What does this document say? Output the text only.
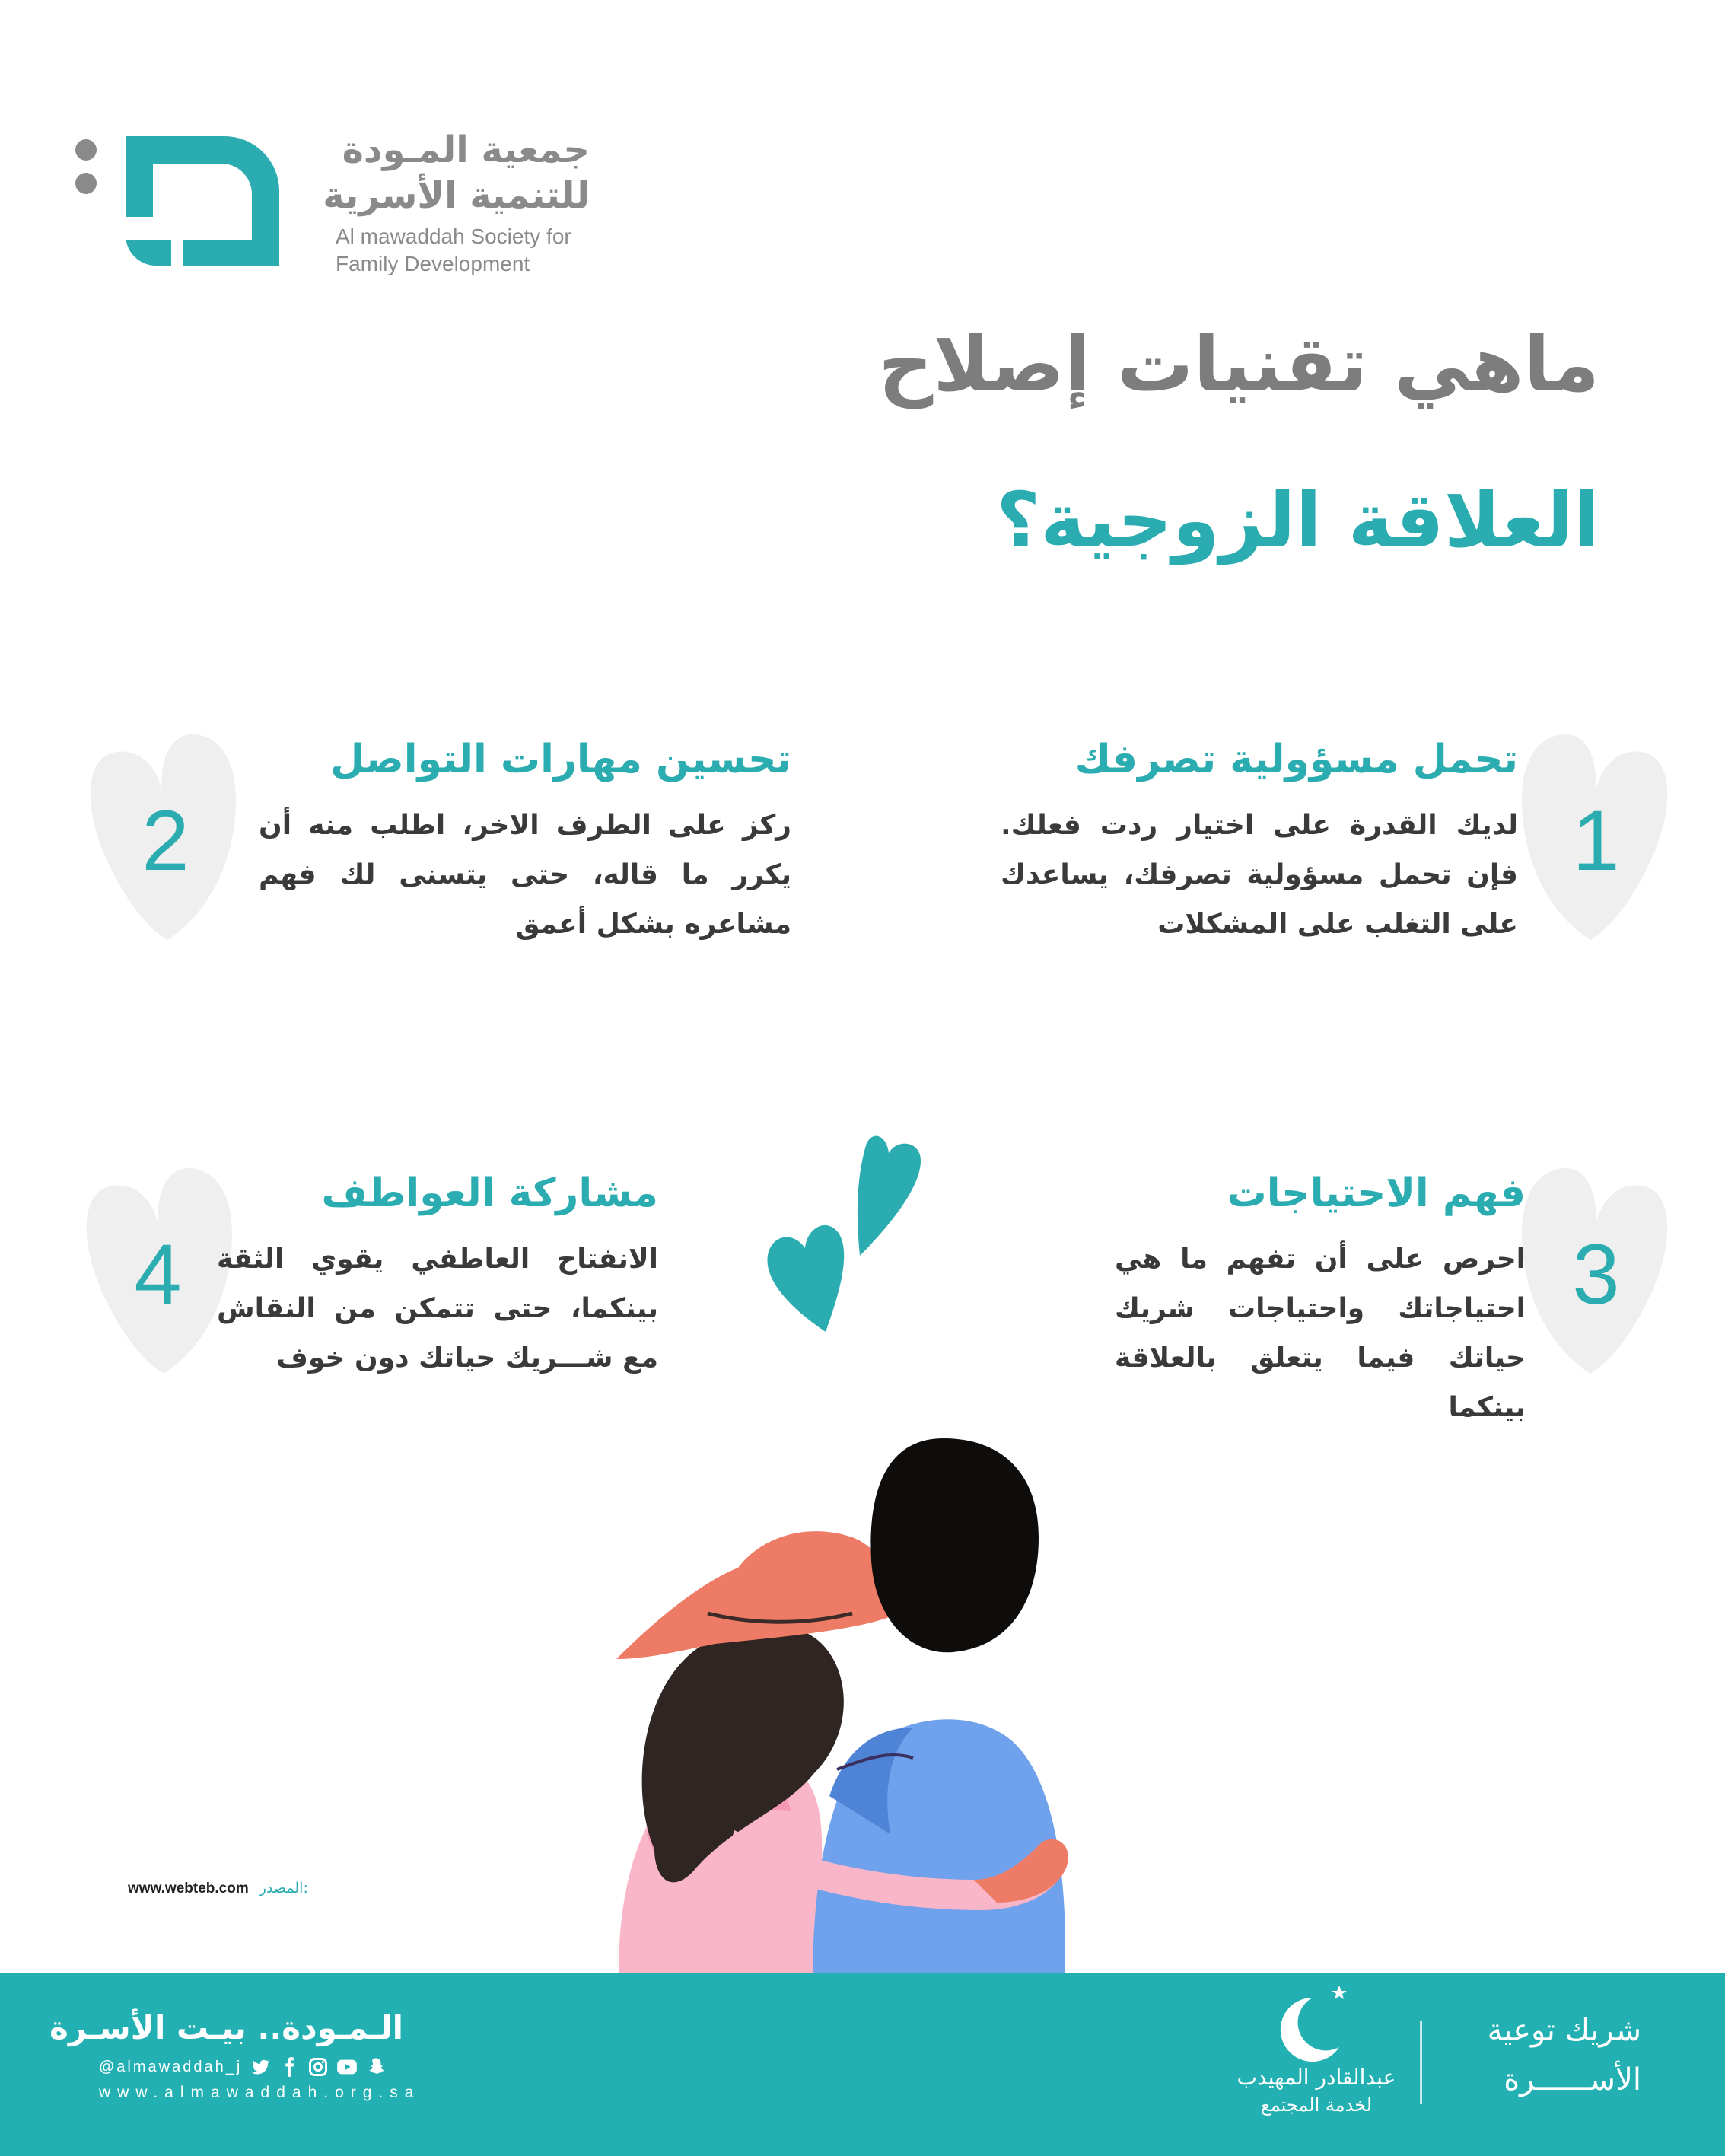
جمعية المـودة
للتنمية الأسرية
Al mawaddah Society for
Family Development
ماهي تقنيات إصلاح
العلاقة الزوجية؟
1
تحمل مسؤولية تصرفك
لديك القدرة على اختيار ردت فعلك. فإن تحمل مسؤولية تصرفك، يساعدك على التغلب على المشكلات
2
تحسين مهارات التواصل
ركز على الطرف الاخر، اطلب منه أن يكرر ما قاله، حتى يتسنى لك فهم مشاعره بشكل أعمق
3
فهم الاحتياجات
احرص على أن تفهم ما هي احتياجاتك واحتياجات شريك حياتك فيما يتعلق بالعلاقة بينكما
4
مشاركة العواطف
الانفتاح العاطفي يقوي الثقة بينكما، حتى تتمكن من النقاش مع شـــريك حياتك دون خوف
www.webteb.com المصدر:
الـمـودة.. بيـت الأسـرة
@almawaddah_j
www.almawaddah.org.sa
عبدالقادر المهيدب
لخدمة المجتمع
شريك توعية
الأســــــرة
